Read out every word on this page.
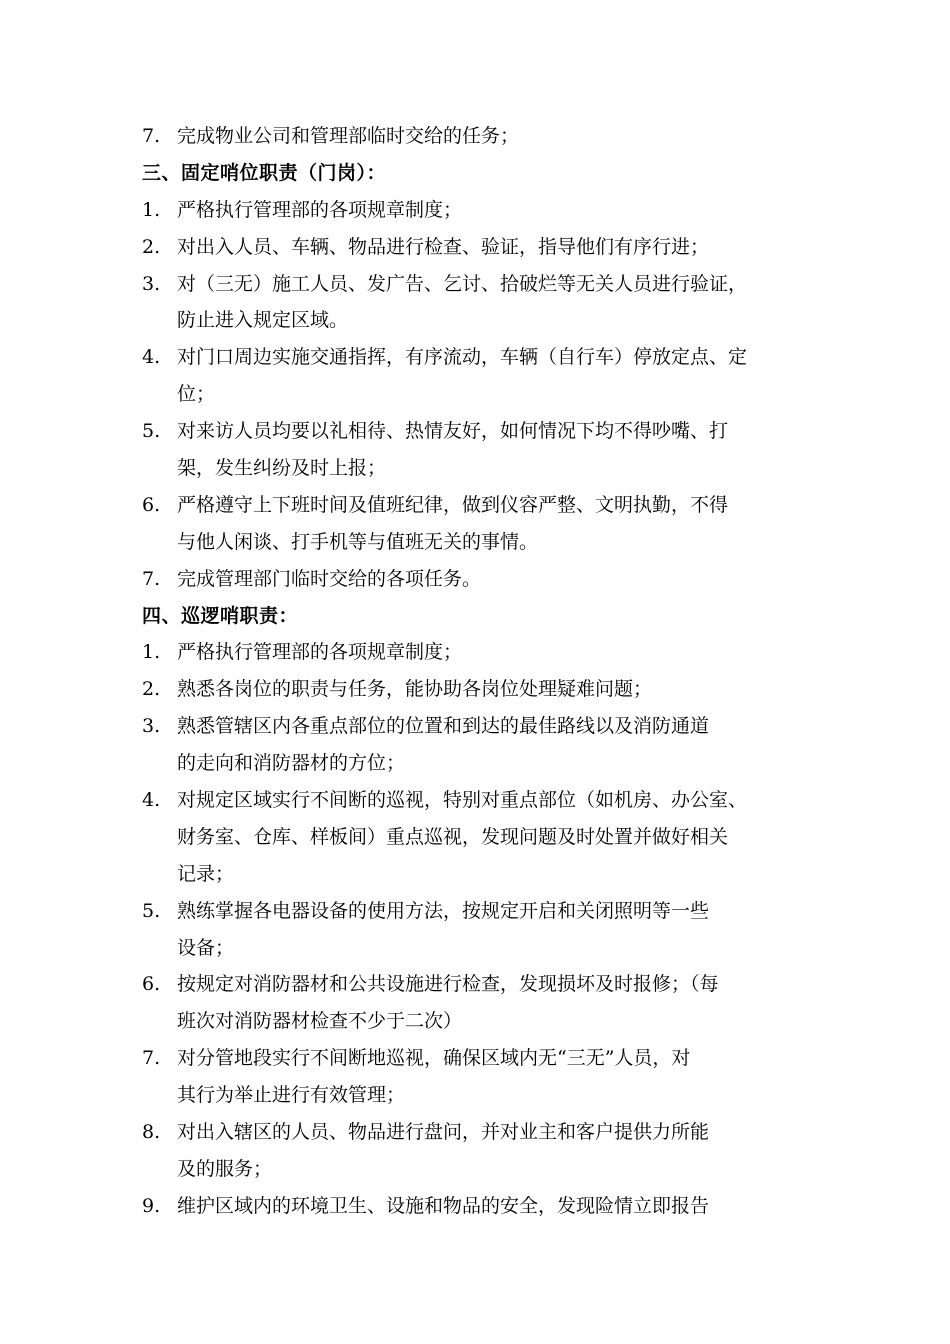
7. 完成物业公司和管理部临时交给的任务；
三、固定哨位职责（门岗）：
1. 严格执行管理部的各项规章制度；
2. 对出入人员、车辆、物品进行检查、验证，指导他们有序行进；
3. 对（三无）施工人员、发广告、乞讨、拾破烂等无关人员进行验证，
防止进入规定区域。
4. 对门口周边实施交通指挥，有序流动，车辆（自行车）停放定点、定
位；
5. 对来访人员均要以礼相待、热情友好，如何情况下均不得吵嘴、打
架，发生纠纷及时上报；
6. 严格遵守上下班时间及值班纪律，做到仪容严整、文明执勤，不得
与他人闲谈、打手机等与值班无关的事情。
7. 完成管理部门临时交给的各项任务。
四、巡逻哨职责：
1. 严格执行管理部的各项规章制度；
2. 熟悉各岗位的职责与任务，能协助各岗位处理疑难问题；
3. 熟悉管辖区内各重点部位的位置和到达的最佳路线以及消防通道
的走向和消防器材的方位；
4. 对规定区域实行不间断的巡视，特别对重点部位（如机房、办公室、
财务室、仓库、样板间）重点巡视，发现问题及时处置并做好相关
记录；
5. 熟练掌握各电器设备的使用方法，按规定开启和关闭照明等一些
设备；
6. 按规定对消防器材和公共设施进行检查，发现损坏及时报修；（每
班次对消防器材检查不少于二次）
7. 对分管地段实行不间断地巡视，确保区域内无“三无”人员，对
其行为举止进行有效管理；
8. 对出入辖区的人员、物品进行盘问，并对业主和客户提供力所能
及的服务；
9. 维护区域内的环境卫生、设施和物品的安全，发现险情立即报告
